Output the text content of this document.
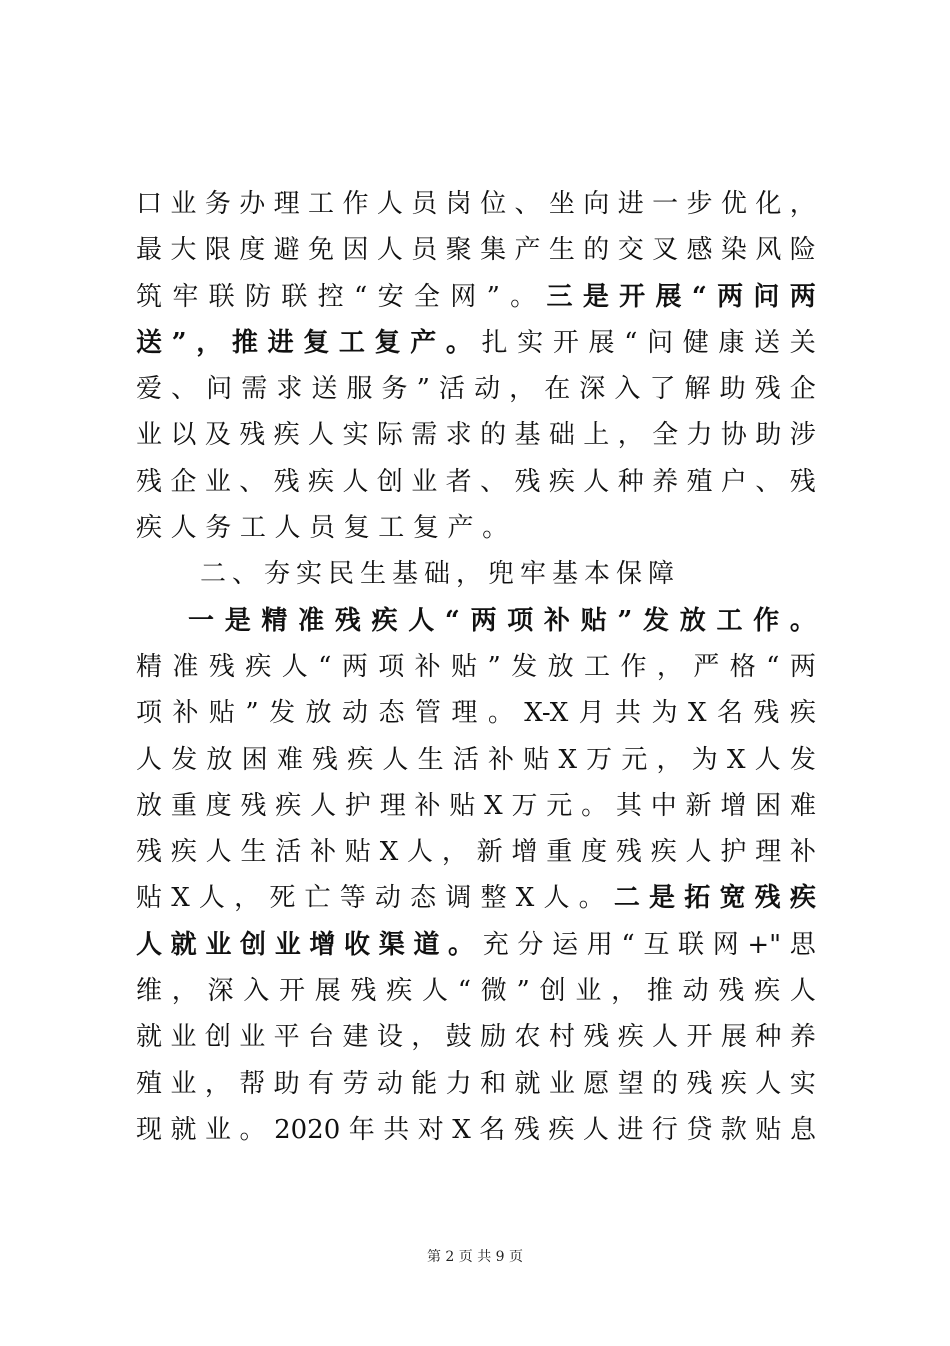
口 业 务 办 理 工 作 人 员 岗 位 、 坐 向 进 一 步 优 化 ，
最 大 限 度 避 免 因 人 员 聚 集 产 生 的 交 叉 感 染 风 险
筑 牢 联 防 联 控 “ 安 全 网 ” 。 三 是 开 展 “ 两 问 两
送 ” ， 推 进 复 工 复 产 。 扎 实 开 展 “ 问 健 康 送 关
爱 、 问 需 求 送 服 务 ” 活 动 ， 在 深 入 了 解 助 残 企
业 以 及 残 疾 人 实 际 需 求 的 基 础 上 ， 全 力 协 助 涉
残 企 业 、 残 疾 人 创 业 者 、 残 疾 人 种 养 殖 户 、 残
疾 人 务 工 人 员 复 工 复 产 。
二、夯实民生基础，兜牢基本保障
一 是 精 准 残 疾 人 “ 两 项 补 贴 ” 发 放 工 作 。
精 准 残 疾 人 “ 两 项 补 贴 ” 发 放 工 作 ， 严 格 “ 两
项 补 贴 ” 发 放 动 态 管 理 。 X-X 月 共 为 X 名 残 疾
人 发 放 困 难 残 疾 人 生 活 补 贴 X 万 元 ， 为 X 人 发
放 重 度 残 疾 人 护 理 补 贴 X 万 元 。 其 中 新 增 困 难
残 疾 人 生 活 补 贴 X 人 ， 新 增 重 度 残 疾 人 护 理 补
贴 X 人 ， 死 亡 等 动 态 调 整 X 人 。 二 是 拓 宽 残 疾
人 就 业 创 业 增 收 渠 道 。 充 分 运 用 “ 互 联 网 +" 思
维 ， 深 入 开 展 残 疾 人 “ 微 ” 创 业 ， 推 动 残 疾 人
就 业 创 业 平 台 建 设 ， 鼓 励 农 村 残 疾 人 开 展 种 养
殖 业 ， 帮 助 有 劳 动 能 力 和 就 业 愿 望 的 残 疾 人 实
现 就 业 。 2020 年 共 对 X 名 残 疾 人 进 行 贷 款 贴 息
第 2 页 共 9 页
